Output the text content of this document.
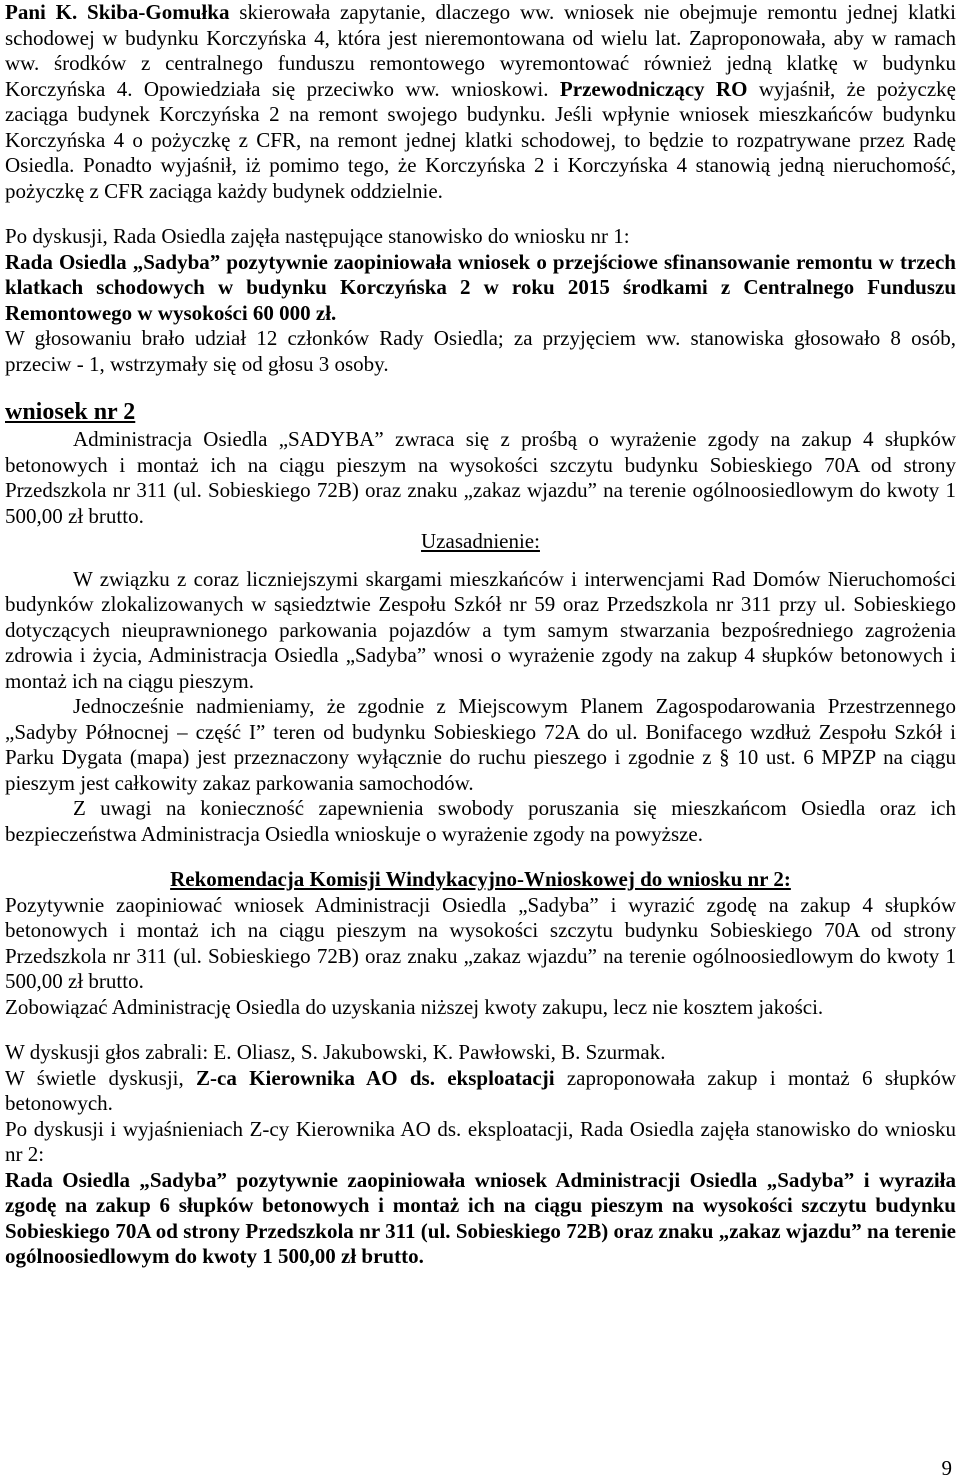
Pani K. Skiba-Gomułka skierowała zapytanie, dlaczego ww. wniosek nie obejmuje remontu jednej klatki schodowej w budynku Korczyńska 4, która jest nieremontowana od wielu lat. Zaproponowała, aby w ramach ww. środków z centralnego funduszu remontowego wyremontować również jedną klatkę w budynku Korczyńska 4. Opowiedziała się przeciwko ww. wnioskowi. Przewodniczący RO wyjaśnił, że pożyczkę zaciąga budynek Korczyńska 2 na remont swojego budynku. Jeśli wpłynie wniosek mieszkańców budynku Korczyńska 4 o pożyczkę z CFR, na remont jednej klatki schodowej, to będzie to rozpatrywane przez Radę Osiedla. Ponadto wyjaśnił, iż pomimo tego, że Korczyńska 2 i Korczyńska 4 stanowią jedną nieruchomość, pożyczkę z CFR zaciąga każdy budynek oddzielnie.

Po dyskusji, Rada Osiedla zajęła następujące stanowisko do wniosku nr 1:

Rada Osiedla „Sadyba” pozytywnie zaopiniowała wniosek o przejściowe sfinansowanie remontu w trzech klatkach schodowych w budynku Korczyńska 2 w roku 2015 środkami z Centralnego Funduszu Remontowego w wysokości 60 000 zł.

W głosowaniu brało udział 12 członków Rady Osiedla; za przyjęciem ww. stanowiska głosowało 8 osób, przeciw - 1, wstrzymały się od głosu 3 osoby.

wniosek nr 2

Administracja Osiedla „SADYBA” zwraca się z prośbą o wyrażenie zgody na zakup 4 słupków betonowych i montaż ich na ciągu pieszym na wysokości szczytu budynku Sobieskiego 70A od strony Przedszkola nr 311 (ul. Sobieskiego 72B) oraz znaku „zakaz wjazdu” na terenie ogólnoosiedlowym do kwoty 1 500,00 zł brutto.

Uzasadnienie:

W związku z coraz liczniejszymi skargami mieszkańców i interwencjami Rad Domów Nieruchomości budynków zlokalizowanych w sąsiedztwie Zespołu Szkół nr 59 oraz Przedszkola nr 311 przy ul. Sobieskiego dotyczących nieuprawnionego parkowania pojazdów a tym samym stwarzania bezpośredniego zagrożenia zdrowia i życia, Administracja Osiedla „Sadyba” wnosi o wyrażenie zgody na zakup 4 słupków betonowych i montaż ich na ciągu pieszym.

Jednocześnie nadmieniamy, że zgodnie z Miejscowym Planem Zagospodarowania Przestrzennego „Sadyby Północnej – część I” teren od budynku Sobieskiego 72A do ul. Bonifacego wzdłuż Zespołu Szkół i Parku Dygata (mapa) jest przeznaczony wyłącznie do ruchu pieszego i zgodnie z § 10 ust. 6 MPZP na ciągu pieszym jest całkowity zakaz parkowania samochodów.

Z uwagi na konieczność zapewnienia swobody poruszania się mieszkańcom Osiedla oraz ich bezpieczeństwa Administracja Osiedla wnioskuje o wyrażenie zgody na powyższe.

Rekomendacja Komisji Windykacyjno-Wnioskowej do wniosku nr 2:

Pozytywnie zaopiniować wniosek Administracji Osiedla „Sadyba” i wyrazić zgodę na zakup 4 słupków betonowych i montaż ich na ciągu pieszym na wysokości szczytu budynku Sobieskiego 70A od strony Przedszkola nr 311 (ul. Sobieskiego 72B) oraz znaku „zakaz wjazdu” na terenie ogólnoosiedlowym do kwoty 1 500,00 zł brutto.

Zobowiązać Administrację Osiedla do uzyskania niższej kwoty zakupu, lecz nie kosztem jakości.

W dyskusji głos zabrali: E. Oliasz, S. Jakubowski, K. Pawłowski, B. Szurmak.

W świetle dyskusji, Z-ca Kierownika AO ds. eksploatacji zaproponowała zakup i montaż 6 słupków betonowych.

Po dyskusji i wyjaśnieniach Z-cy Kierownika AO ds. eksploatacji, Rada Osiedla zajęła stanowisko do wniosku nr 2:

Rada Osiedla „Sadyba” pozytywnie zaopiniowała wniosek Administracji Osiedla „Sadyba” i wyraziła zgodę na zakup 6 słupków betonowych i montaż ich na ciągu pieszym na wysokości szczytu budynku Sobieskiego 70A od strony Przedszkola nr 311 (ul. Sobieskiego 72B) oraz znaku „zakaz wjazdu” na terenie ogólnoosiedlowym do kwoty 1 500,00 zł brutto.

9
